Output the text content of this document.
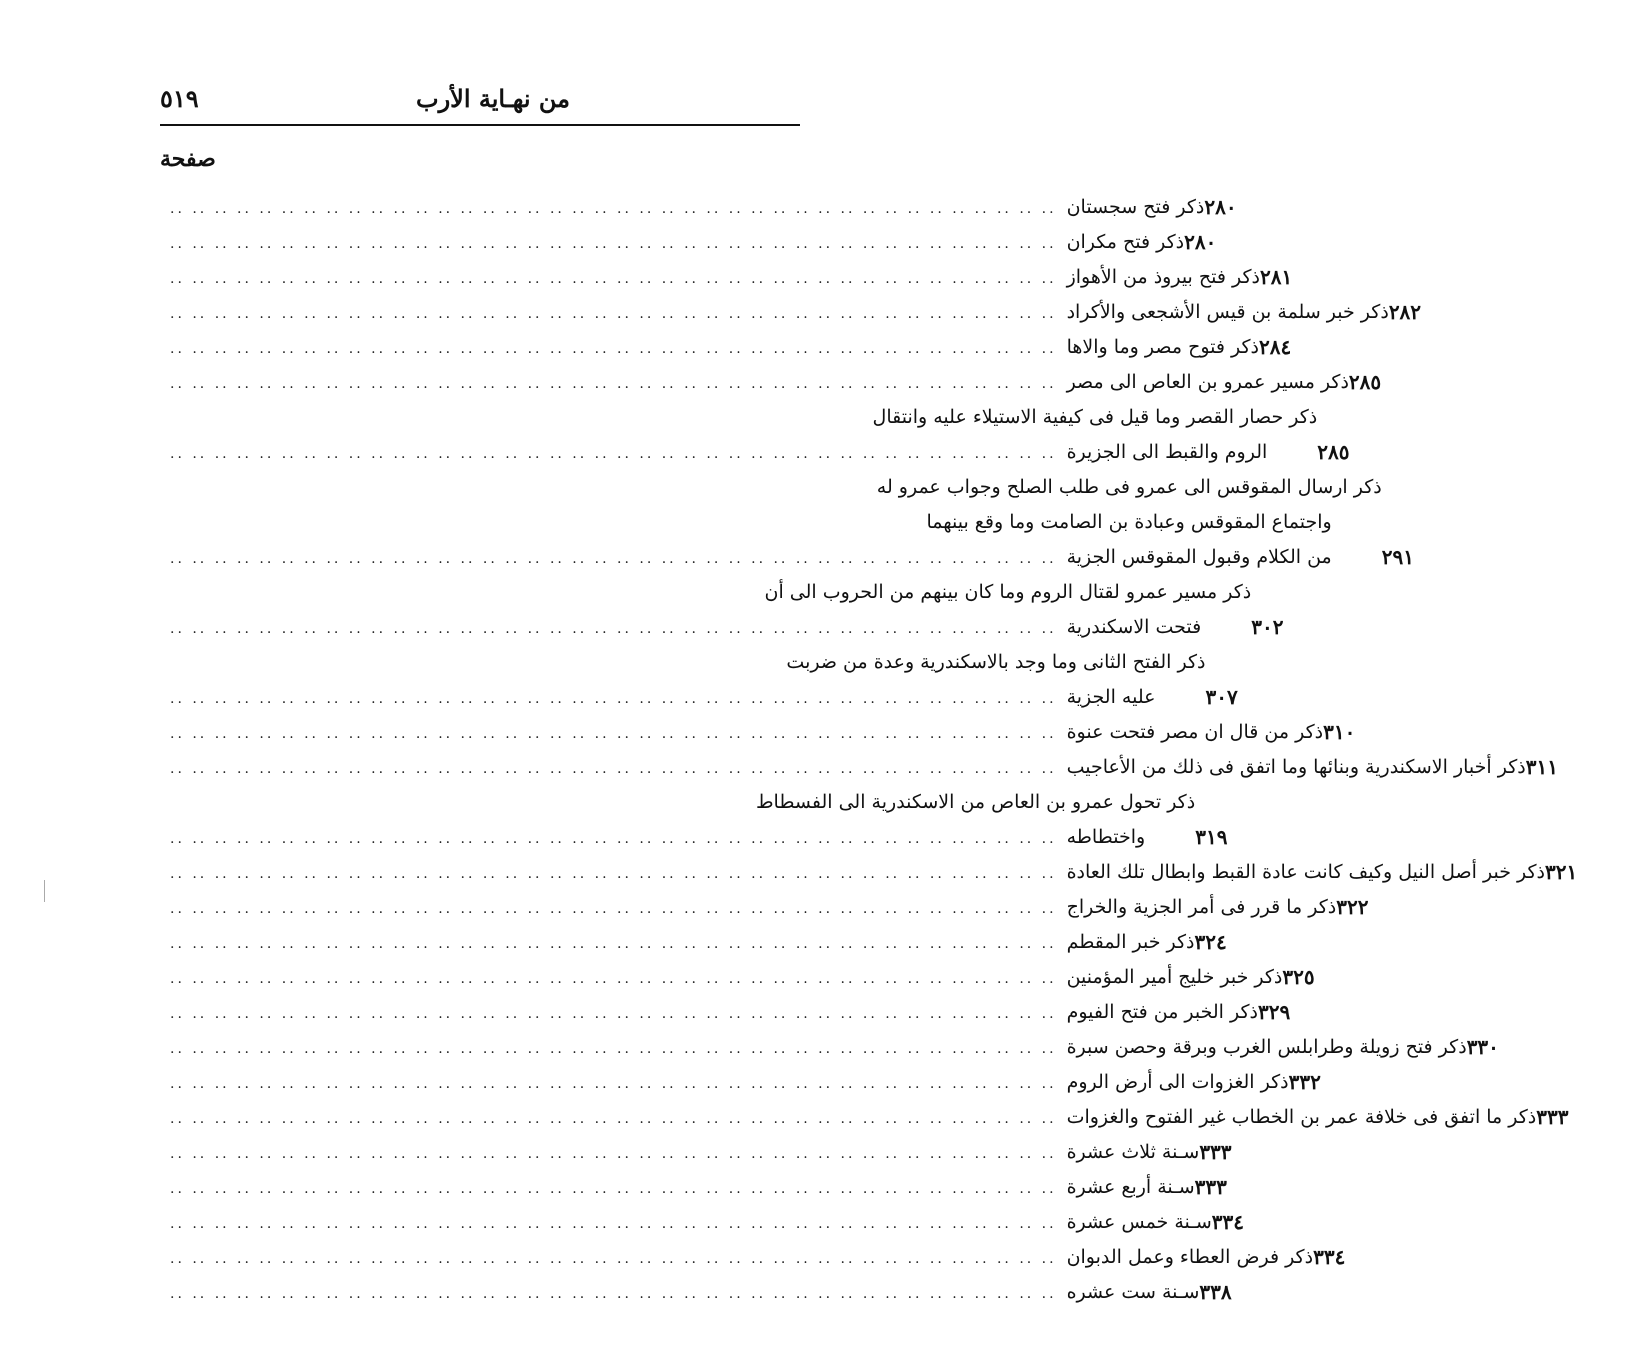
من نهـاية الأرب
٥١٩
صفحة
ذكر فتح سجستان
.. .. .. .. .. .. .. .. .. .. .. .. .. .. .. .. .. .. .. .. .. .. .. .. .. .. .. .. .. .. .. .. .. .. .. .. .. .. .. ..	٢٨٠
ذكر فتح مكران
.. .. .. .. .. .. .. .. .. .. .. .. .. .. .. .. .. .. .. .. .. .. .. .. .. .. .. .. .. .. .. .. .. .. .. .. .. .. .. ..	٢٨٠
ذكر فتح بيروذ من الأهواز
.. .. .. .. .. .. .. .. .. .. .. .. .. .. .. .. .. .. .. .. .. .. .. .. .. .. .. .. .. .. .. .. .. .. .. .. .. .. .. ..	٢٨١
ذكر خبر سلمة بن قيس الأشجعى والأكراد
.. .. .. .. .. .. .. .. .. .. .. .. .. .. .. .. .. .. .. .. .. .. .. .. .. .. .. .. .. .. .. .. .. .. .. .. .. .. .. ..	٢٨٢
ذكر فتوح مصر وما والاها
.. .. .. .. .. .. .. .. .. .. .. .. .. .. .. .. .. .. .. .. .. .. .. .. .. .. .. .. .. .. .. .. .. .. .. .. .. .. .. ..	٢٨٤
ذكر مسير عمرو بن العاص الى مصر
.. .. .. .. .. .. .. .. .. .. .. .. .. .. .. .. .. .. .. .. .. .. .. .. .. .. .. .. .. .. .. .. .. .. .. .. .. .. .. ..	٢٨٥
ذكر حصار القصر وما قيل فى كيفية الاستيلاء عليه وانتقال
الروم والقبط الى الجزيرة
.. .. .. .. .. .. .. .. .. .. .. .. .. .. .. .. .. .. .. .. .. .. .. .. .. .. .. .. .. .. .. .. .. .. .. .. .. .. .. ..	٢٨٥
ذكر ارسال المقوقس الى عمرو فى طلب الصلح وجواب عمرو له
واجتماع المقوقس وعبادة بن الصامت وما وقع بينهما
من الكلام وقبول المقوقس الجزية
.. .. .. .. .. .. .. .. .. .. .. .. .. .. .. .. .. .. .. .. .. .. .. .. .. .. .. .. .. .. .. .. .. .. .. .. .. .. .. ..	٢٩١
ذكر مسير عمرو لقتال الروم وما كان بينهم من الحروب الى أن
فتحت الاسكندرية
.. .. .. .. .. .. .. .. .. .. .. .. .. .. .. .. .. .. .. .. .. .. .. .. .. .. .. .. .. .. .. .. .. .. .. .. .. .. .. ..	٣٠٢
ذكر الفتح الثانى وما وجد بالاسكندرية وعدة من ضربت
عليه الجزية
.. .. .. .. .. .. .. .. .. .. .. .. .. .. .. .. .. .. .. .. .. .. .. .. .. .. .. .. .. .. .. .. .. .. .. .. .. .. .. ..	٣٠٧
ذكر من قال ان مصر فتحت عنوة
.. .. .. .. .. .. .. .. .. .. .. .. .. .. .. .. .. .. .. .. .. .. .. .. .. .. .. .. .. .. .. .. .. .. .. .. .. .. .. ..	٣١٠
ذكر أخبار الاسكندرية وبنائها وما اتفق فى ذلك من الأعاجيب
.. .. .. .. .. .. .. .. .. .. .. .. .. .. .. .. .. .. .. .. .. .. .. .. .. .. .. .. .. .. .. .. .. .. .. .. .. .. .. ..	٣١١
ذكر تحول عمرو بن العاص من الاسكندرية الى الفسطاط
واختطاطه
.. .. .. .. .. .. .. .. .. .. .. .. .. .. .. .. .. .. .. .. .. .. .. .. .. .. .. .. .. .. .. .. .. .. .. .. .. .. .. ..	٣١٩
ذكر خبر أصل النيل وكيف كانت عادة القبط وابطال تلك العادة
.. .. .. .. .. .. .. .. .. .. .. .. .. .. .. .. .. .. .. .. .. .. .. .. .. .. .. .. .. .. .. .. .. .. .. .. .. .. .. ..	٣٢١
ذكر ما قرر فى أمر الجزية والخراج
.. .. .. .. .. .. .. .. .. .. .. .. .. .. .. .. .. .. .. .. .. .. .. .. .. .. .. .. .. .. .. .. .. .. .. .. .. .. .. ..	٣٢٢
ذكر خبر المقطم
.. .. .. .. .. .. .. .. .. .. .. .. .. .. .. .. .. .. .. .. .. .. .. .. .. .. .. .. .. .. .. .. .. .. .. .. .. .. .. ..	٣٢٤
ذكر خبر خليج أمير المؤمنين
.. .. .. .. .. .. .. .. .. .. .. .. .. .. .. .. .. .. .. .. .. .. .. .. .. .. .. .. .. .. .. .. .. .. .. .. .. .. .. ..	٣٢٥
ذكر الخبر من فتح الفيوم
.. .. .. .. .. .. .. .. .. .. .. .. .. .. .. .. .. .. .. .. .. .. .. .. .. .. .. .. .. .. .. .. .. .. .. .. .. .. .. ..	٣٢٩
ذكر فتح زويلة وطرابلس الغرب وبرقة وحصن سبرة
.. .. .. .. .. .. .. .. .. .. .. .. .. .. .. .. .. .. .. .. .. .. .. .. .. .. .. .. .. .. .. .. .. .. .. .. .. .. .. ..	٣٣٠
ذكر الغزوات الى أرض الروم
.. .. .. .. .. .. .. .. .. .. .. .. .. .. .. .. .. .. .. .. .. .. .. .. .. .. .. .. .. .. .. .. .. .. .. .. .. .. .. ..	٣٣٢
ذكر ما اتفق فى خلافة عمر بن الخطاب غير الفتوح والغزوات
.. .. .. .. .. .. .. .. .. .. .. .. .. .. .. .. .. .. .. .. .. .. .. .. .. .. .. .. .. .. .. .. .. .. .. .. .. .. .. ..	٣٣٣
سـنة ثلاث عشرة
.. .. .. .. .. .. .. .. .. .. .. .. .. .. .. .. .. .. .. .. .. .. .. .. .. .. .. .. .. .. .. .. .. .. .. .. .. .. .. ..	٣٣٣
سـنة أربع عشرة
.. .. .. .. .. .. .. .. .. .. .. .. .. .. .. .. .. .. .. .. .. .. .. .. .. .. .. .. .. .. .. .. .. .. .. .. .. .. .. ..	٣٣٣
سـنة خمس عشرة
.. .. .. .. .. .. .. .. .. .. .. .. .. .. .. .. .. .. .. .. .. .. .. .. .. .. .. .. .. .. .. .. .. .. .. .. .. .. .. ..	٣٣٤
ذكر فرض العطاء وعمل الدبوان
.. .. .. .. .. .. .. .. .. .. .. .. .. .. .. .. .. .. .. .. .. .. .. .. .. .. .. .. .. .. .. .. .. .. .. .. .. .. .. ..	٣٣٤
سـنة ست عشره
.. .. .. .. .. .. .. .. .. .. .. .. .. .. .. .. .. .. .. .. .. .. .. .. .. .. .. .. .. .. .. .. .. .. .. .. .. .. .. ..	٣٣٨
